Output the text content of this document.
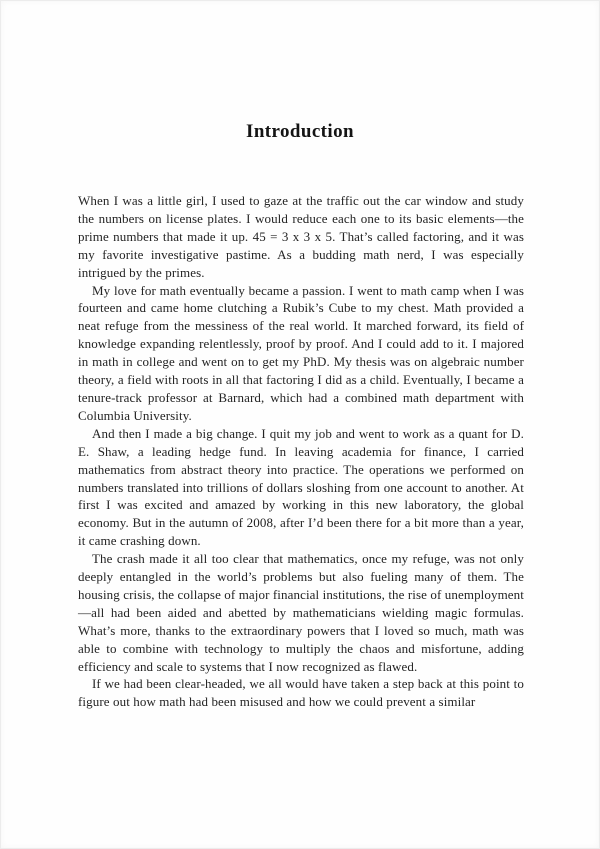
Introduction

When I was a little girl, I used to gaze at the traffic out the car window and study the numbers on license plates. I would reduce each one to its basic elements—the prime numbers that made it up. 45 = 3 x 3 x 5. That’s called factoring, and it was my favorite investigative pastime. As a budding math nerd, I was especially intrigued by the primes.

My love for math eventually became a passion. I went to math camp when I was fourteen and came home clutching a Rubik’s Cube to my chest. Math provided a neat refuge from the messiness of the real world. It marched forward, its field of knowledge expanding relentlessly, proof by proof. And I could add to it. I majored in math in college and went on to get my PhD. My thesis was on algebraic number theory, a field with roots in all that factoring I did as a child. Eventually, I became a tenure-track professor at Barnard, which had a combined math department with Columbia University.

And then I made a big change. I quit my job and went to work as a quant for D. E. Shaw, a leading hedge fund. In leaving academia for finance, I carried mathematics from abstract theory into practice. The operations we performed on numbers translated into trillions of dollars sloshing from one account to another. At first I was excited and amazed by working in this new laboratory, the global economy. But in the autumn of 2008, after I’d been there for a bit more than a year, it came crashing down.

The crash made it all too clear that mathematics, once my refuge, was not only deeply entangled in the world’s problems but also fueling many of them. The housing crisis, the collapse of major financial institutions, the rise of unemployment—all had been aided and abetted by mathematicians wielding magic formulas. What’s more, thanks to the extraordinary powers that I loved so much, math was able to combine with technology to multiply the chaos and misfortune, adding efficiency and scale to systems that I now recognized as flawed.

If we had been clear-headed, we all would have taken a step back at this point to figure out how math had been misused and how we could prevent a similar
